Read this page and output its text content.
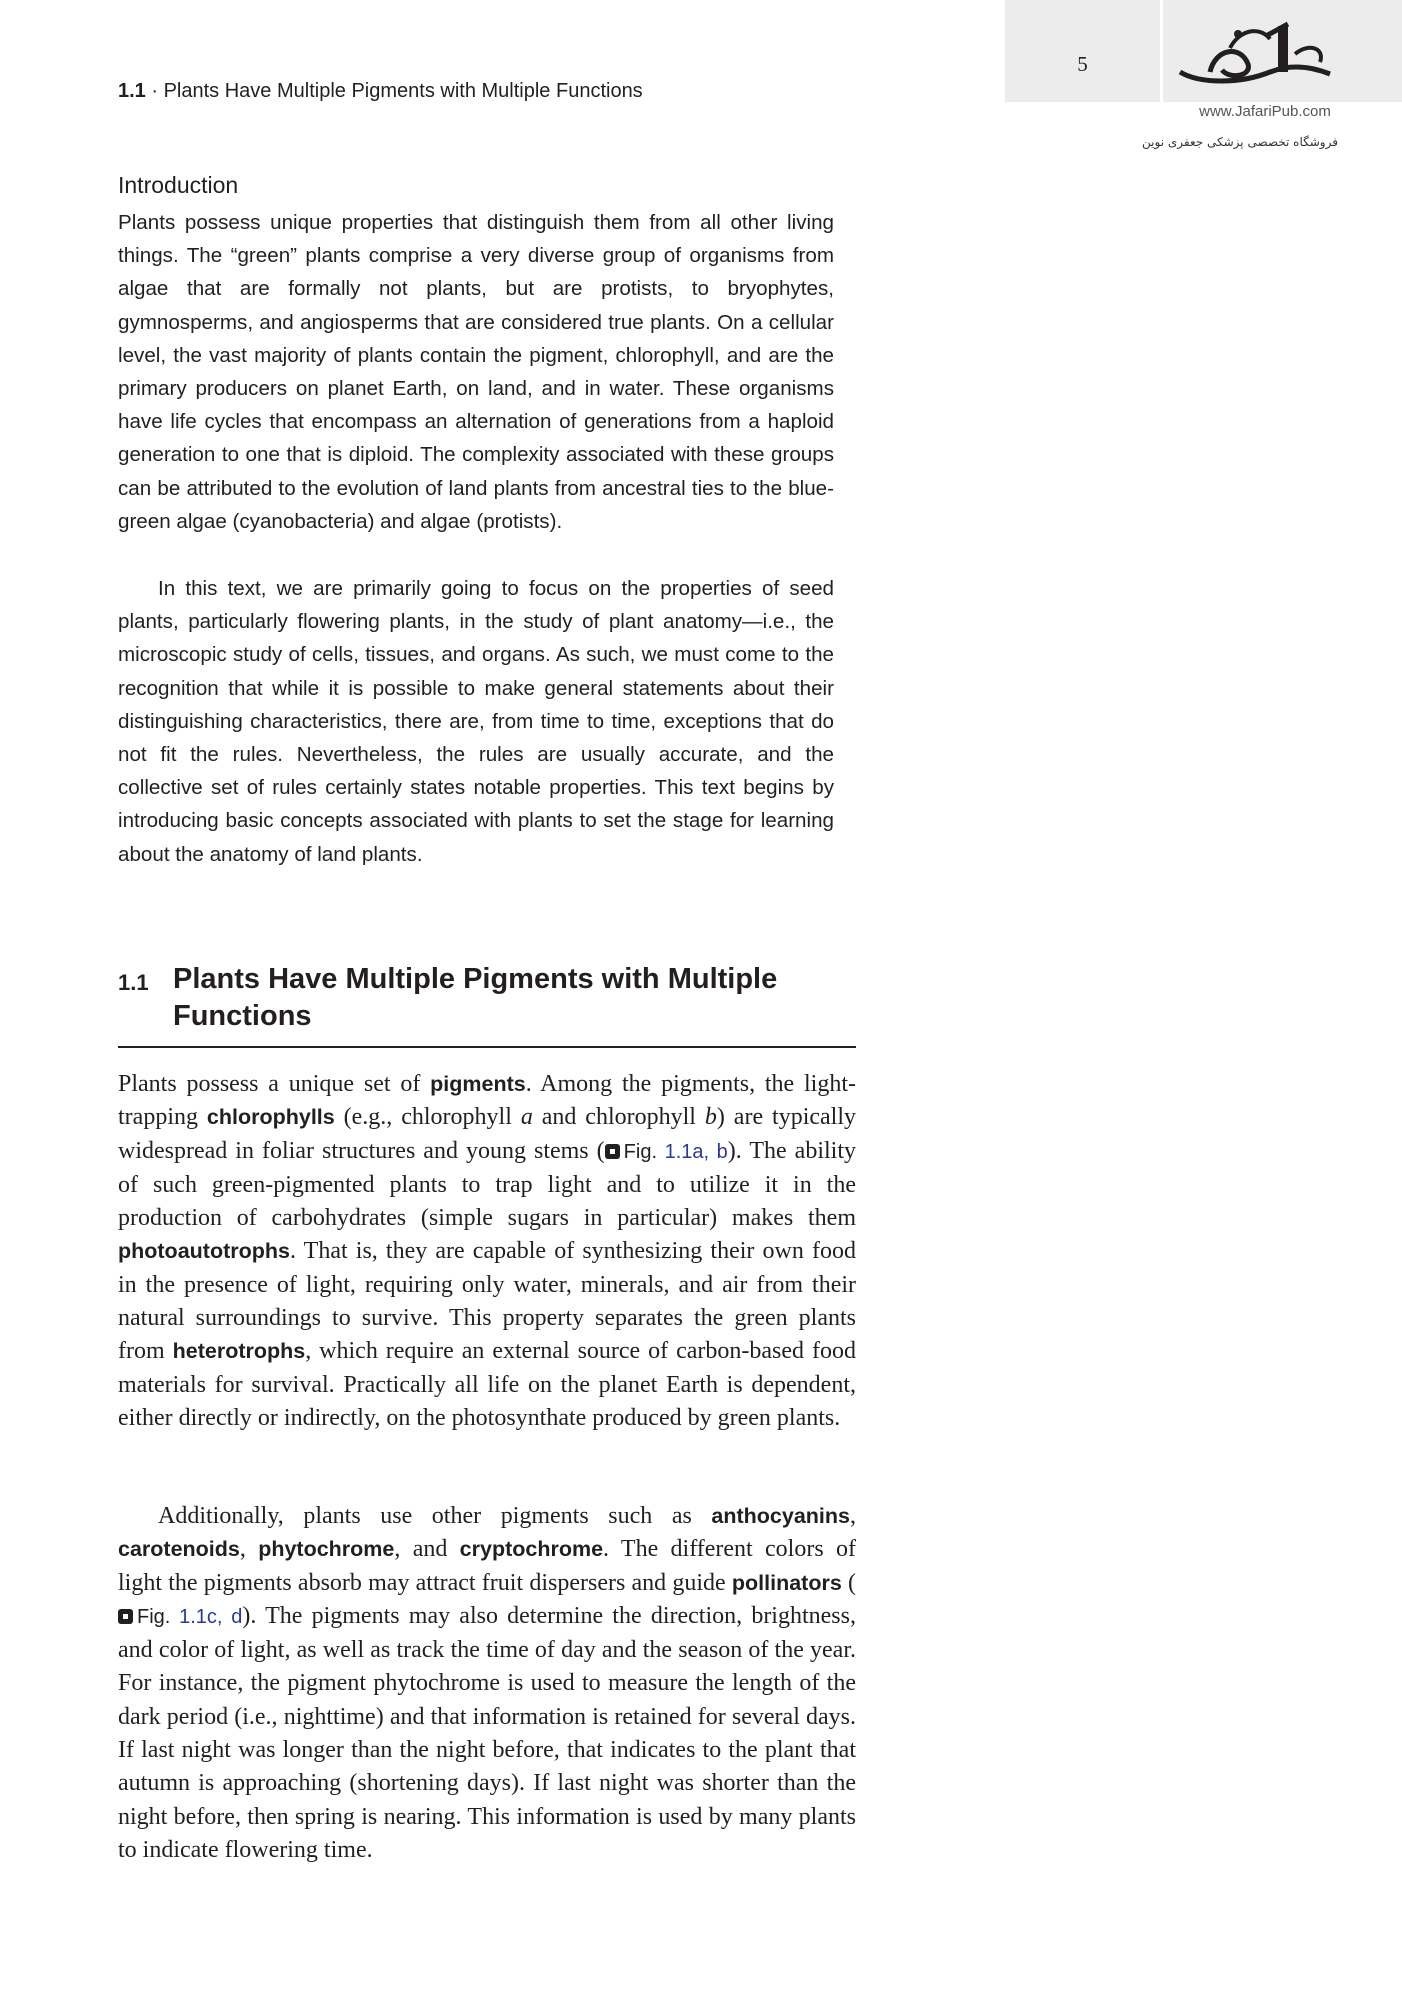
5
www.JafariPub.com
فروشگاه تخصصی پزشکی جعفری نوین
1.1 · Plants Have Multiple Pigments with Multiple Functions
Introduction
Plants possess unique properties that distinguish them from all other living things. The “green” plants comprise a very diverse group of organisms from algae that are formally not plants, but are protists, to bryophytes, gymnosperms, and angiosperms that are considered true plants. On a cellular level, the vast majority of plants contain the pigment, chlorophyll, and are the primary producers on planet Earth, on land, and in water. These organisms have life cycles that encompass an alternation of generations from a haploid generation to one that is diploid. The complexity associated with these groups can be attributed to the evolution of land plants from ancestral ties to the blue-green algae (cyanobacteria) and algae (protists).
In this text, we are primarily going to focus on the properties of seed plants, particularly flowering plants, in the study of plant anatomy—i.e., the microscopic study of cells, tissues, and organs. As such, we must come to the recognition that while it is possible to make general statements about their distinguishing characteristics, there are, from time to time, exceptions that do not fit the rules. Nevertheless, the rules are usually accurate, and the collective set of rules certainly states notable properties. This text begins by introducing basic concepts associated with plants to set the stage for learning about the anatomy of land plants.
1.1 Plants Have Multiple Pigments with Multiple Functions
Plants possess a unique set of pigments. Among the pigments, the light-trapping chlorophylls (e.g., chlorophyll a and chlorophyll b) are typically widespread in foliar structures and young stems ( Fig. 1.1a, b). The ability of such green-pigmented plants to trap light and to utilize it in the production of carbohydrates (simple sugars in particular) makes them photoautotrophs. That is, they are capable of synthesizing their own food in the presence of light, requiring only water, minerals, and air from their natural surroundings to survive. This property separates the green plants from heterotrophs, which require an external source of carbon-based food materials for survival. Practically all life on the planet Earth is dependent, either directly or indirectly, on the photosynthate produced by green plants.
Additionally, plants use other pigments such as anthocyanins, carotenoids, phytochrome, and cryptochrome. The different colors of light the pigments absorb may attract fruit dispersers and guide pollinators (Fig. 1.1c, d). The pigments may also determine the direction, brightness, and color of light, as well as track the time of day and the season of the year. For instance, the pigment phytochrome is used to measure the length of the dark period (i.e., nighttime) and that information is retained for several days. If last night was longer than the night before, that indicates to the plant that autumn is approaching (shortening days). If last night was shorter than the night before, then spring is nearing. This information is used by many plants to indicate flowering time.
